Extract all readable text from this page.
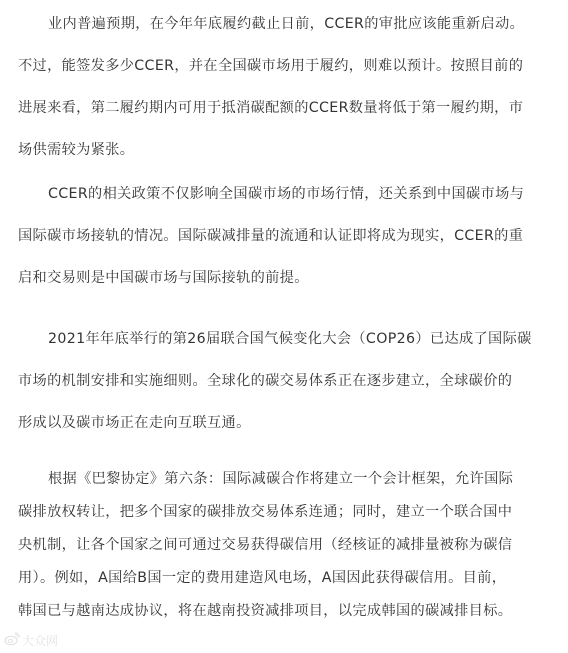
业内普遍预期，在今年年底履约截止日前，CCER的审批应该能重新启动。
不过，能签发多少CCER，并在全国碳市场用于履约，则难以预计。按照目前的
进展来看，第二履约期内可用于抵消碳配额的CCER数量将低于第一履约期，市
场供需较为紧张。
CCER的相关政策不仅影响全国碳市场的市场行情，还关系到中国碳市场与
国际碳市场接轨的情况。国际碳减排量的流通和认证即将成为现实，CCER的重
启和交易则是中国碳市场与国际接轨的前提。
2021年年底举行的第26届联合国气候变化大会（COP26）已达成了国际碳
市场的机制安排和实施细则。全球化的碳交易体系正在逐步建立，全球碳价的
形成以及碳市场正在走向互联互通。
根据《巴黎协定》第六条：国际减碳合作将建立一个会计框架，允许国际
碳排放权转让，把多个国家的碳排放交易体系连通；同时，建立一个联合国中
央机制，让各个国家之间可通过交易获得碳信用（经核证的减排量被称为碳信
用）。例如，A国给B国一定的费用建造风电场，A国因此获得碳信用。目前，
韩国已与越南达成协议，将在越南投资减排项目，以完成韩国的碳减排目标。
大众网
